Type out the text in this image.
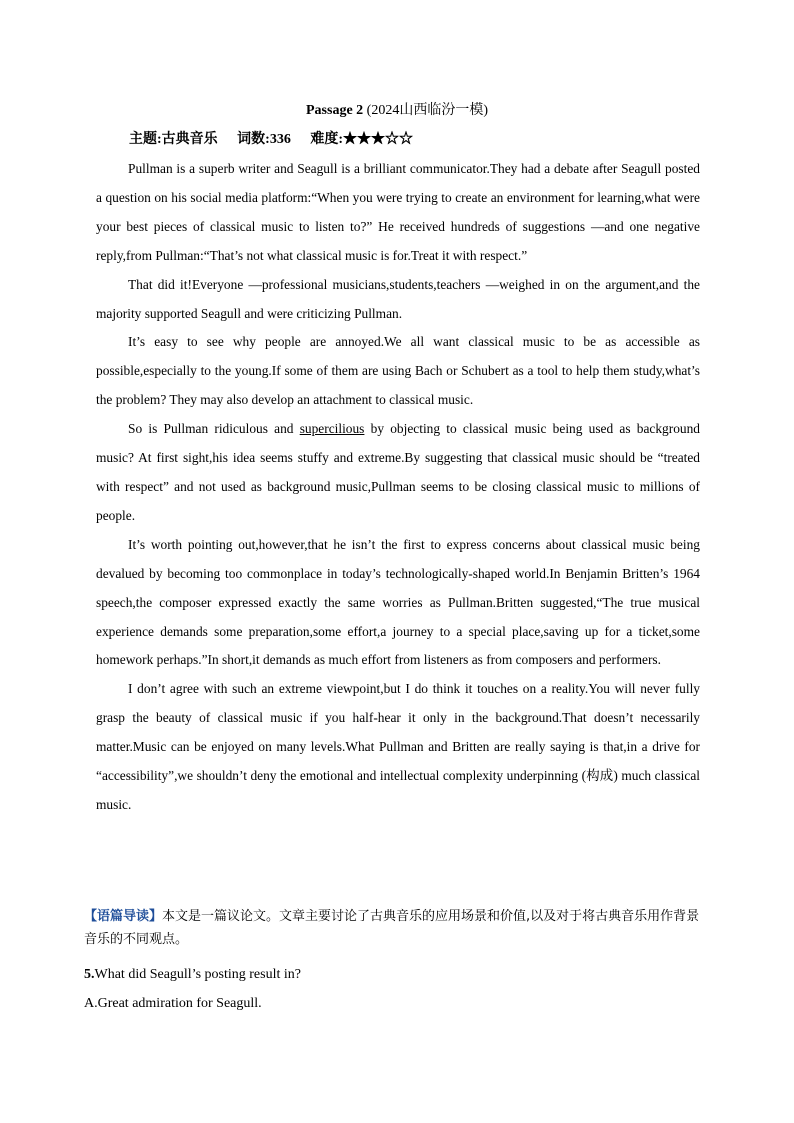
Passage 2 (2024山西临汾一模)
主题:古典音乐 词数:336 难度:★★★☆☆

Pullman is a superb writer and Seagull is a brilliant communicator.They had a debate after Seagull posted a question on his social media platform:“When you were trying to create an environment for learning,what were your best pieces of classical music to listen to?” He received hundreds of suggestions —and one negative reply,from Pullman:“That’s not what classical music is for.Treat it with respect.”

That did it!Everyone —professional musicians,students,teachers —weighed in on the argument,and the majority supported Seagull and were criticizing Pullman.

It’s easy to see why people are annoyed.We all want classical music to be as accessible as possible,especially to the young.If some of them are using Bach or Schubert as a tool to help them study,what’s the problem? They may also develop an attachment to classical music.

So is Pullman ridiculous and supercilious by objecting to classical music being used as background music? At first sight,his idea seems stuffy and extreme.By suggesting that classical music should be “treated with respect” and not used as background music,Pullman seems to be closing classical music to millions of people.

It’s worth pointing out,however,that he isn’t the first to express concerns about classical music being devalued by becoming too commonplace in today’s technologically-shaped world.In Benjamin Britten’s 1964 speech,the composer expressed exactly the same worries as Pullman.Britten suggested,“The true musical experience demands some preparation,some effort,a journey to a special place,saving up for a ticket,some homework perhaps.”In short,it demands as much effort from listeners as from composers and performers.

I don’t agree with such an extreme viewpoint,but I do think it touches on a reality.You will never fully grasp the beauty of classical music if you half-hear it only in the background.That doesn’t necessarily matter.Music can be enjoyed on many levels.What Pullman and Britten are really saying is that,in a drive for “accessibility”,we shouldn’t deny the emotional and intellectual complexity underpinning (构成) much classical music.

【语篇导读】本文是一篇议论文。文章主要讨论了古典音乐的应用场景和价值,以及对于将古典音乐用作背景音乐的不同观点。
5.What did Seagull’s posting result in?
A.Great admiration for Seagull.
